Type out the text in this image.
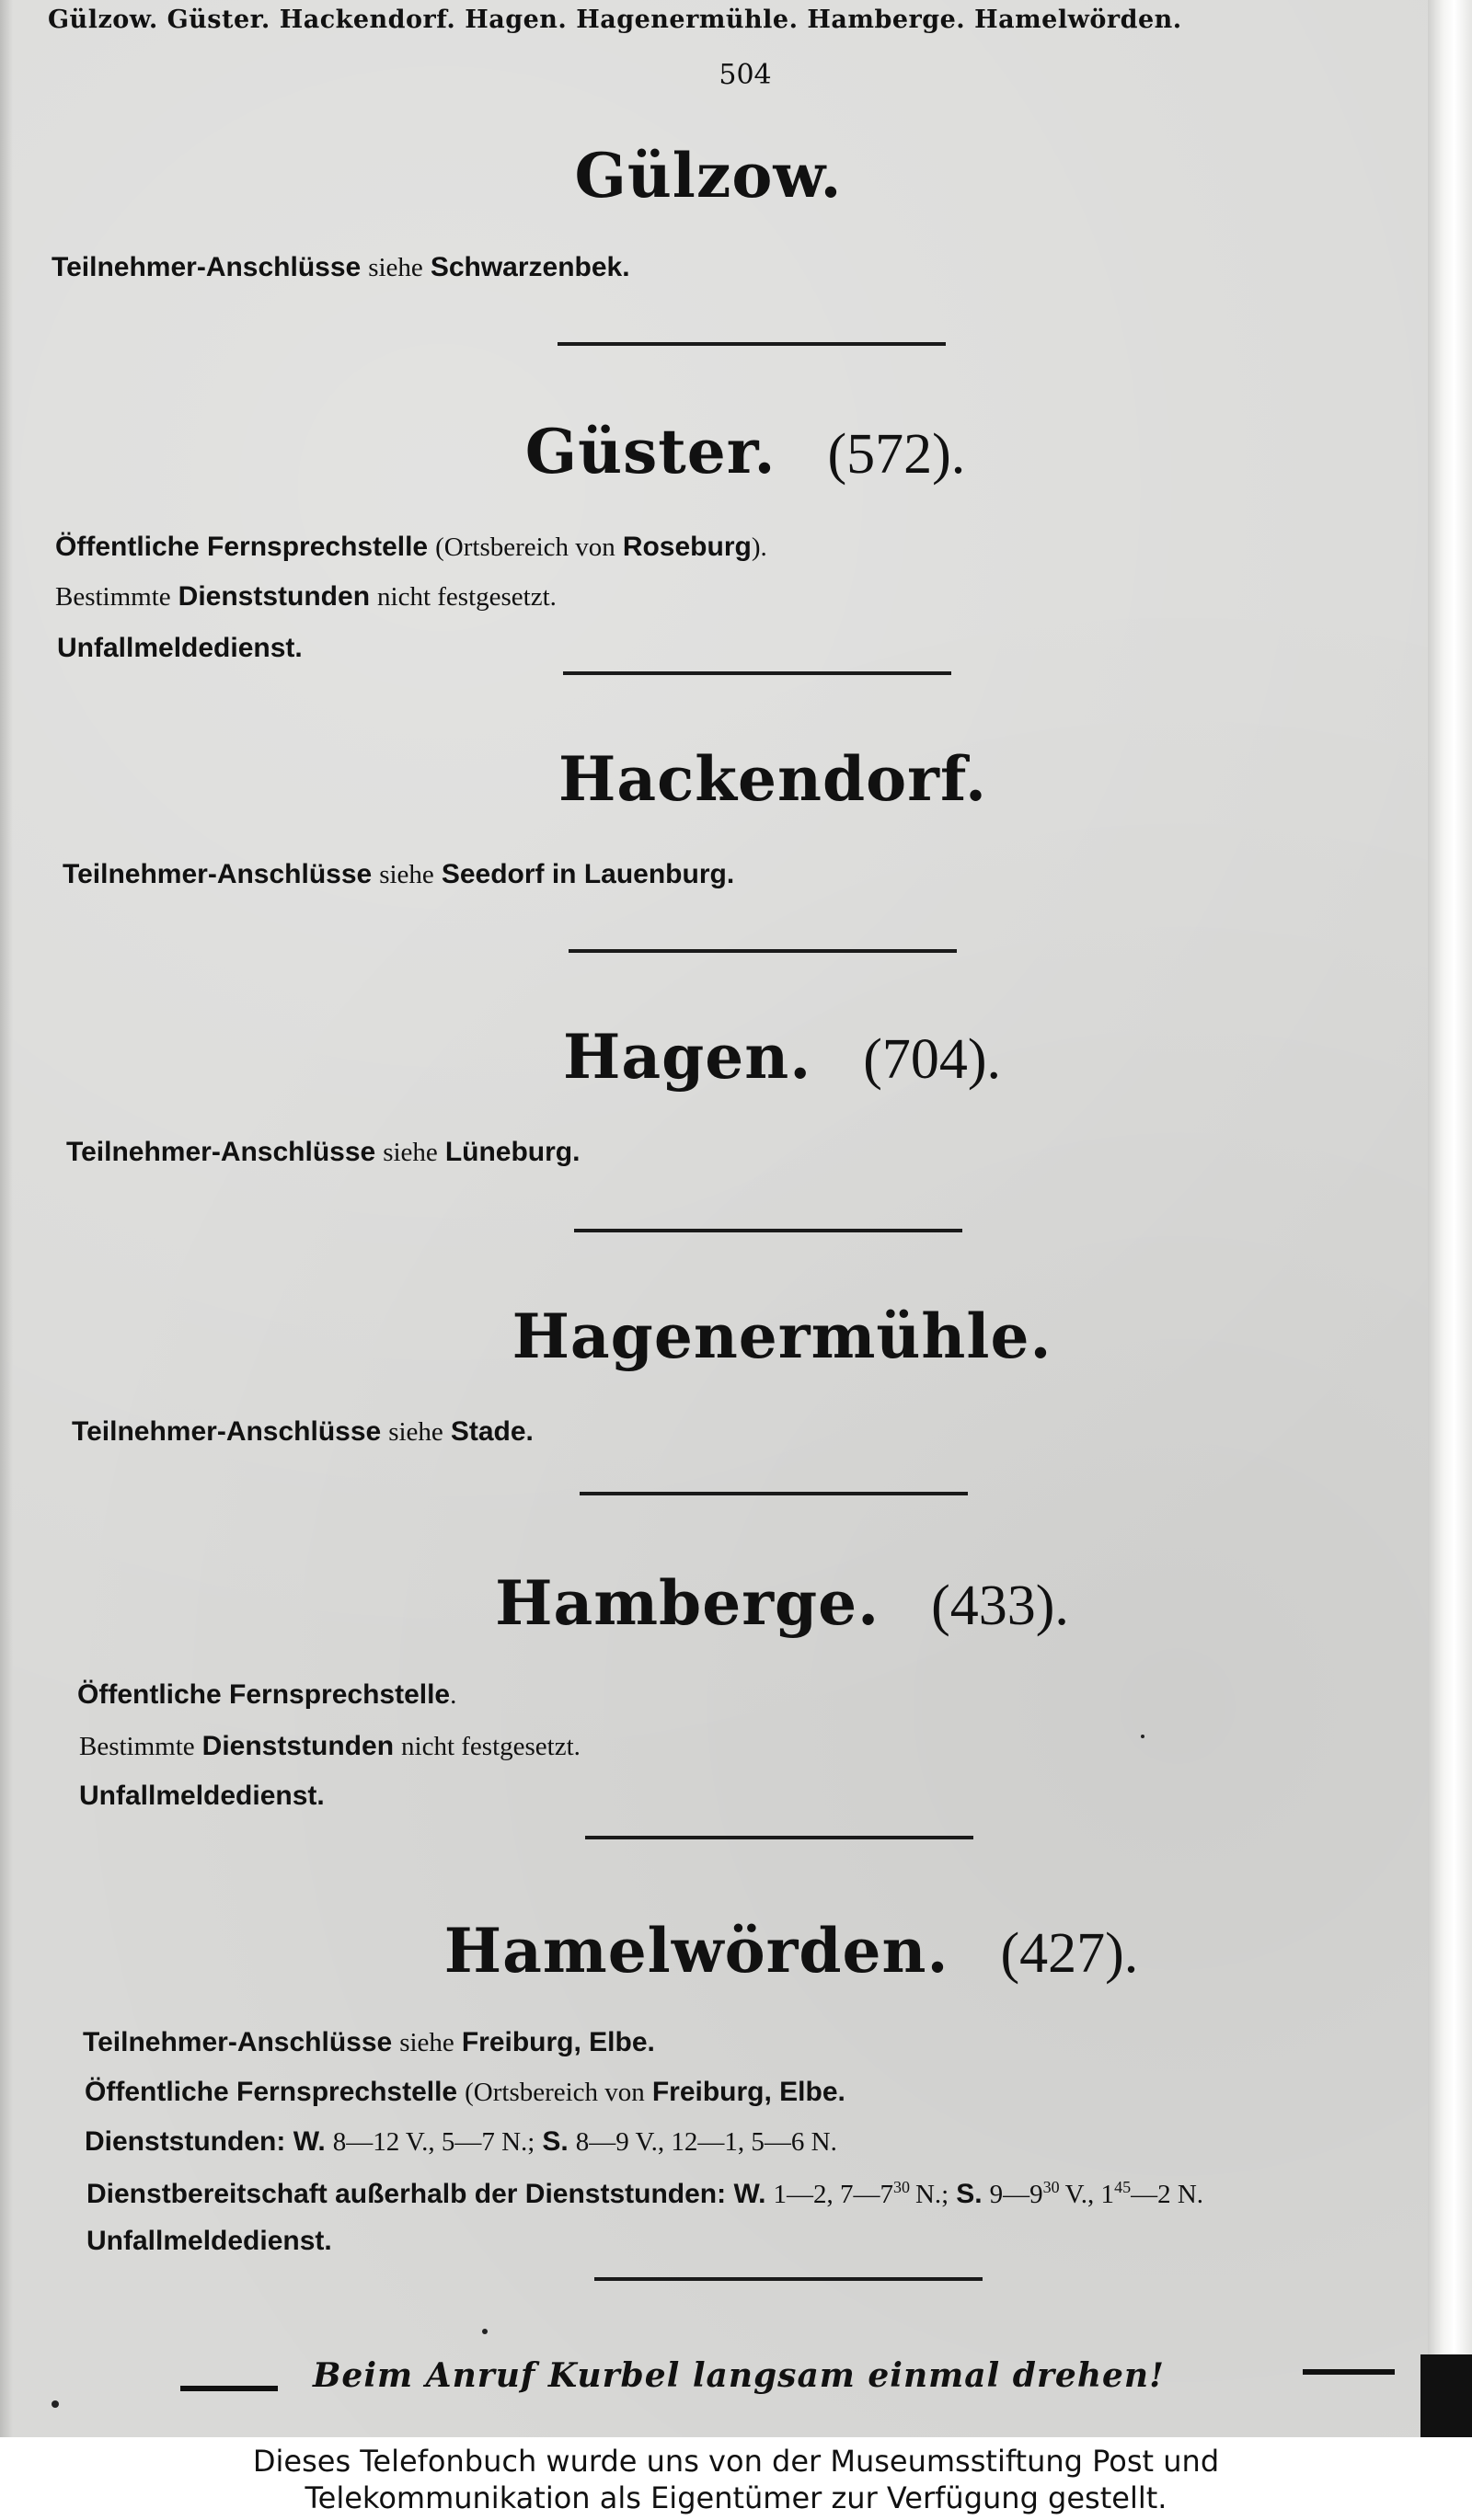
Gülzow. Güster. Hackendorf. Hagen. Hagenermühle. Hamberge. Hamelwörden.
504
Gülzow.
Teilnehmer-Anschlüsse siehe Schwarzenbek.
Güster. (572).
Öffentliche Fernsprechstelle (Ortsbereich von Roseburg).
Bestimmte Dienststunden nicht festgesetzt.
Unfallmeldedienst.
Hackendorf.
Teilnehmer-Anschlüsse siehe Seedorf in Lauenburg.
Hagen. (704).
Teilnehmer-Anschlüsse siehe Lüneburg.
Hagenermühle.
Teilnehmer-Anschlüsse siehe Stade.
Hamberge. (433).
Öffentliche Fernsprechstelle.
Bestimmte Dienststunden nicht festgesetzt.
Unfallmeldedienst.
Hamelwörden. (427).
Teilnehmer-Anschlüsse siehe Freiburg, Elbe.
Öffentliche Fernsprechstelle (Ortsbereich von Freiburg, Elbe.
Dienststunden: W. 8—12 V., 5—7 N.; S. 8—9 V., 12—1, 5—6 N.
Dienstbereitschaft außerhalb der Dienststunden: W. 1—2, $7—7^{30}$ N.; S. $9—9^{30}$ V., $1^{45}—2$ N.
Unfallmeldedienst.
Beim Anruf Kurbel langsam einmal drehen!
Dieses Telefonbuch wurde uns von der Museumsstiftung Post und
Telekommunikation als Eigentümer zur Verfügung gestellt.
